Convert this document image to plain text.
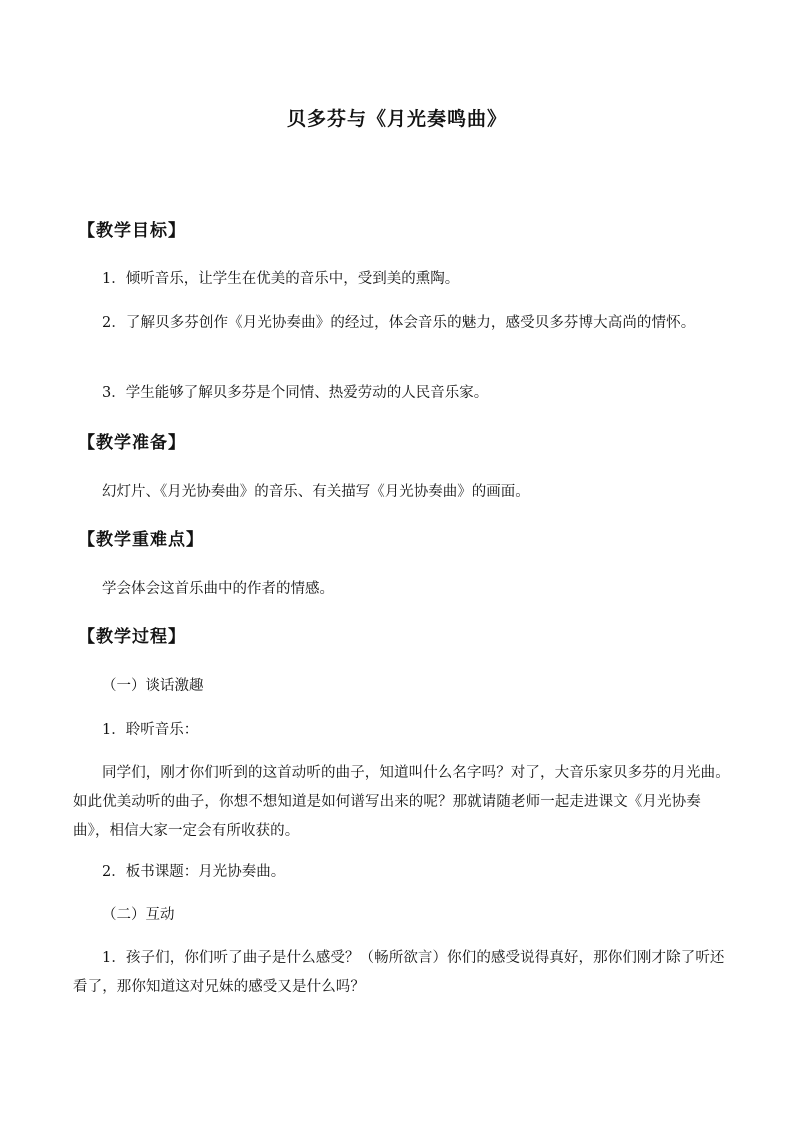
贝多芬与《月光奏鸣曲》
【教学目标】
1．倾听音乐，让学生在优美的音乐中，受到美的熏陶。
2．了解贝多芬创作《月光协奏曲》的经过，体会音乐的魅力，感受贝多芬博大高尚的情怀。
3．学生能够了解贝多芬是个同情、热爱劳动的人民音乐家。
【教学准备】
幻灯片、《月光协奏曲》的音乐、有关描写《月光协奏曲》的画面。
【教学重难点】
学会体会这首乐曲中的作者的情感。
【教学过程】
（一）谈话激趣
1．聆听音乐：
同学们，刚才你们听到的这首动听的曲子，知道叫什么名字吗？对了，大音乐家贝多芬的月光曲。如此优美动听的曲子，你想不想知道是如何谱写出来的呢？那就请随老师一起走进课文《月光协奏曲》，相信大家一定会有所收获的。
2．板书课题：月光协奏曲。
（二）互动
1．孩子们，你们听了曲子是什么感受？（畅所欲言）你们的感受说得真好，那你们刚才除了听还看了，那你知道这对兄妹的感受又是什么吗？
